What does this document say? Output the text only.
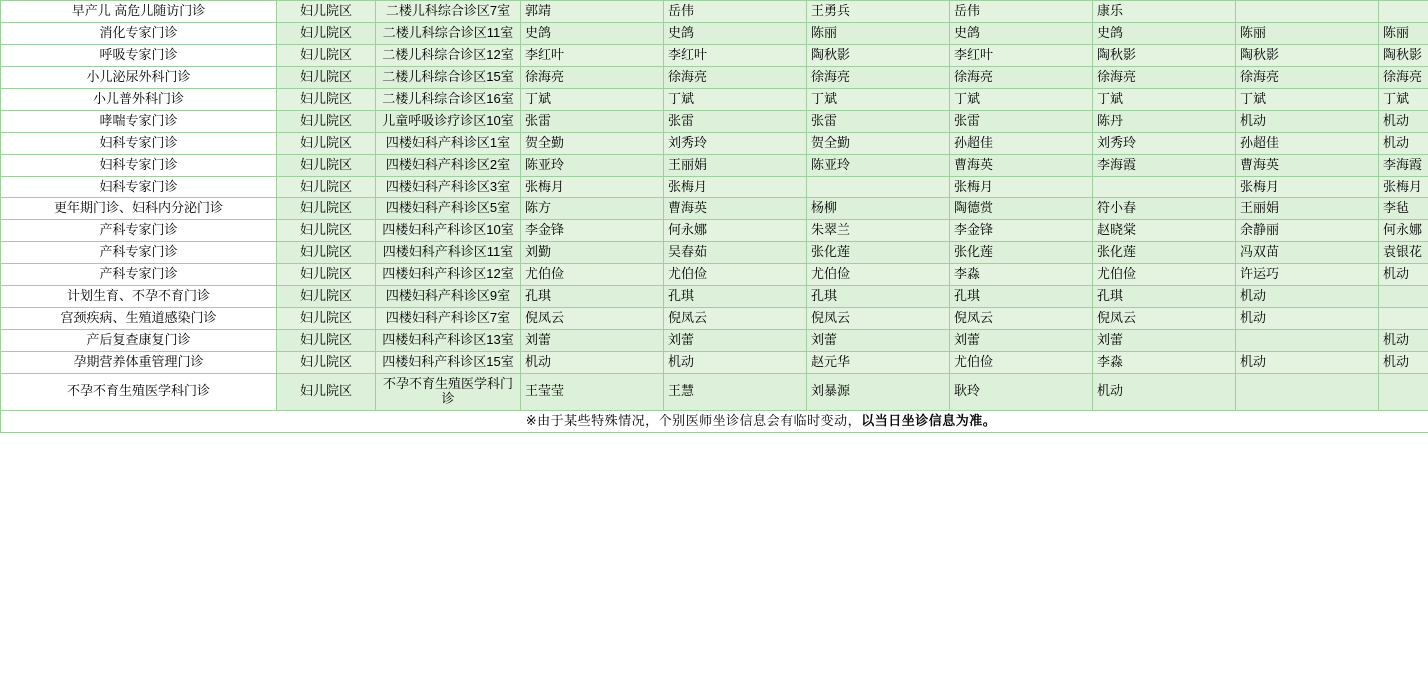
早产儿 高危儿随访门诊	妇儿院区	二楼儿科综合诊区7室	郭靖	岳伟	王勇兵	岳伟	康乐		
消化专家门诊	妇儿院区	二楼儿科综合诊区11室	史鸽	史鸽	陈丽	史鸽	史鸽	陈丽	陈丽
呼吸专家门诊	妇儿院区	二楼儿科综合诊区12室	李红叶	李红叶	陶秋影	李红叶	陶秋影	陶秋影	陶秋影
小儿泌尿外科门诊	妇儿院区	二楼儿科综合诊区15室	徐海亮	徐海亮	徐海亮	徐海亮	徐海亮	徐海亮	徐海亮
小儿普外科门诊	妇儿院区	二楼儿科综合诊区16室	丁斌	丁斌	丁斌	丁斌	丁斌	丁斌	丁斌
哮喘专家门诊	妇儿院区	儿童呼吸诊疗诊区10室	张雷	张雷	张雷	张雷	陈丹	机动	机动
妇科专家门诊	妇儿院区	四楼妇科产科诊区1室	贺全勤	刘秀玲	贺全勤	孙超佳	刘秀玲	孙超佳	机动
妇科专家门诊	妇儿院区	四楼妇科产科诊区2室	陈亚玲	王丽娟	陈亚玲	曹海英	李海霞	曹海英	李海霞
妇科专家门诊	妇儿院区	四楼妇科产科诊区3室	张梅月	张梅月		张梅月		张梅月	张梅月
更年期门诊、妇科内分泌门诊	妇儿院区	四楼妇科产科诊区5室	陈方	曹海英	杨柳	陶德赏	符小春	王丽娟	李毡
产科专家门诊	妇儿院区	四楼妇科产科诊区10室	李金锋	何永娜	朱翠兰	李金锋	赵晓棠	余静丽	何永娜
产科专家门诊	妇儿院区	四楼妇科产科诊区11室	刘勤	吴春茹	张化莲	张化莲	张化莲	冯双苗	袁银花
产科专家门诊	妇儿院区	四楼妇科产科诊区12室	尤伯俭	尤伯俭	尤伯俭	李淼	尤伯俭	许运巧	机动
计划生育、不孕不育门诊	妇儿院区	四楼妇科产科诊区9室	孔琪	孔琪	孔琪	孔琪	孔琪	机动	
宫颈疾病、生殖道感染门诊	妇儿院区	四楼妇科产科诊区7室	倪凤云	倪凤云	倪凤云	倪凤云	倪凤云	机动	
产后复查康复门诊	妇儿院区	四楼妇科产科诊区13室	刘蕾	刘蕾	刘蕾	刘蕾	刘蕾		机动
孕期营养体重管理门诊	妇儿院区	四楼妇科产科诊区15室	机动	机动	赵元华	尤伯俭	李淼	机动	机动
不孕不育生殖医学科门诊	妇儿院区	不孕不育生殖医学科门诊	王莹莹	王慧	刘暴源	耿玲	机动		
※由于某些特殊情况，个别医师坐诊信息会有临时变动，以当日坐诊信息为准。									
